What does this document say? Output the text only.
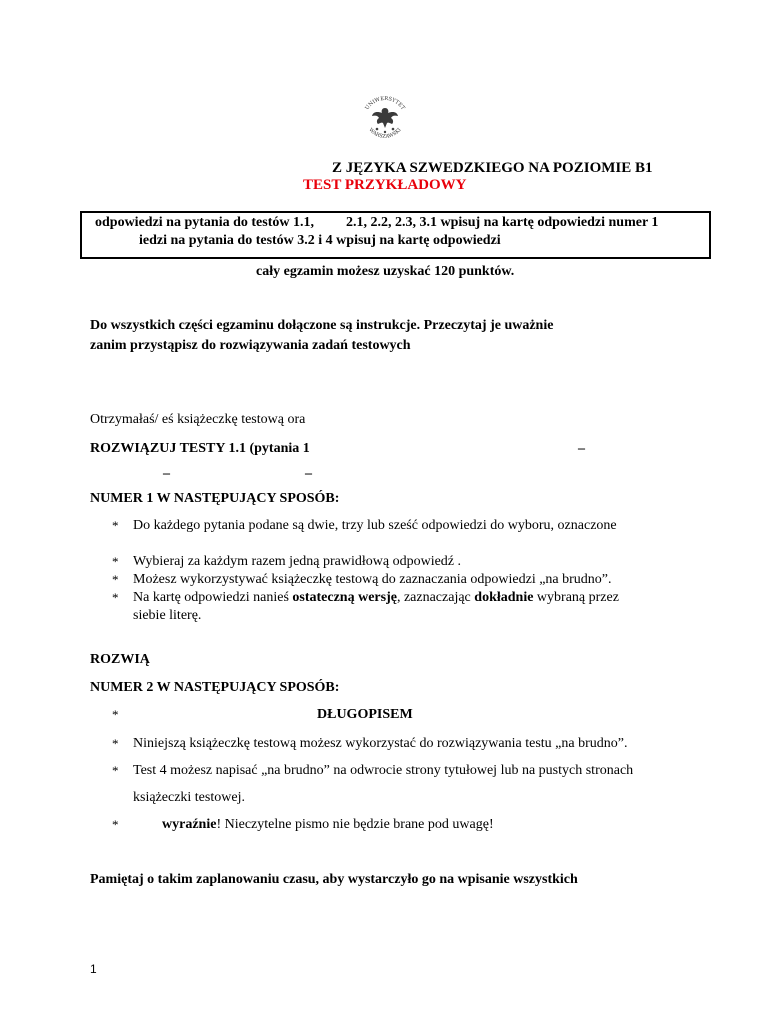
UNIWERSYTET
WARSZAWSKI
Z JĘZYKA SZWEDZKIEGO NA POZIOMIE B1
TEST PRZYKŁADOWY
odpowiedzi na pytania do testów 1.1, 2.1, 2.2, 2.3, 3.1 wpisuj na kartę odpowiedzi numer 1
iedzi na pytania do testów 3.2 i 4 wpisuj na kartę odpowiedzi
cały egzamin możesz uzyskać 120 punktów.
Do wszystkich części egzaminu dołączone są instrukcje. Przeczytaj je uważnie
zanim przystąpisz do rozwiązywania zadań testowych
Otrzymałaś/ eś książeczkę testową ora
ROZWIĄZUJ TESTY 1.1 (pytania 1	–
–	–
NUMER 1 W NASTĘPUJĄCY SPOSÓB:
* Do każdego pytania podane są dwie, trzy lub sześć odpowiedzi do wyboru, oznaczone
* Wybieraj za każdym razem jedną prawidłową odpowiedź .
* Możesz wykorzystywać książeczkę testową do zaznaczania odpowiedzi „na brudno”.
* Na kartę odpowiedzi nanieś ostateczną wersję, zaznaczając dokładnie wybraną przez
siebie literę.
ROZWIĄ
NUMER 2 W NASTĘPUJĄCY SPOSÓB:
*	DŁUGOPISEM
* Niniejszą książeczkę testową możesz wykorzystać do rozwiązywania testu „na brudno”.
* Test 4 możesz napisać „na brudno” na odwrocie strony tytułowej lub na pustych stronach
książeczki testowej.
*	wyraźnie! Nieczytelne pismo nie będzie brane pod uwagę!
Pamiętaj o takim zaplanowaniu czasu, aby wystarczyło go na wpisanie wszystkich
1
